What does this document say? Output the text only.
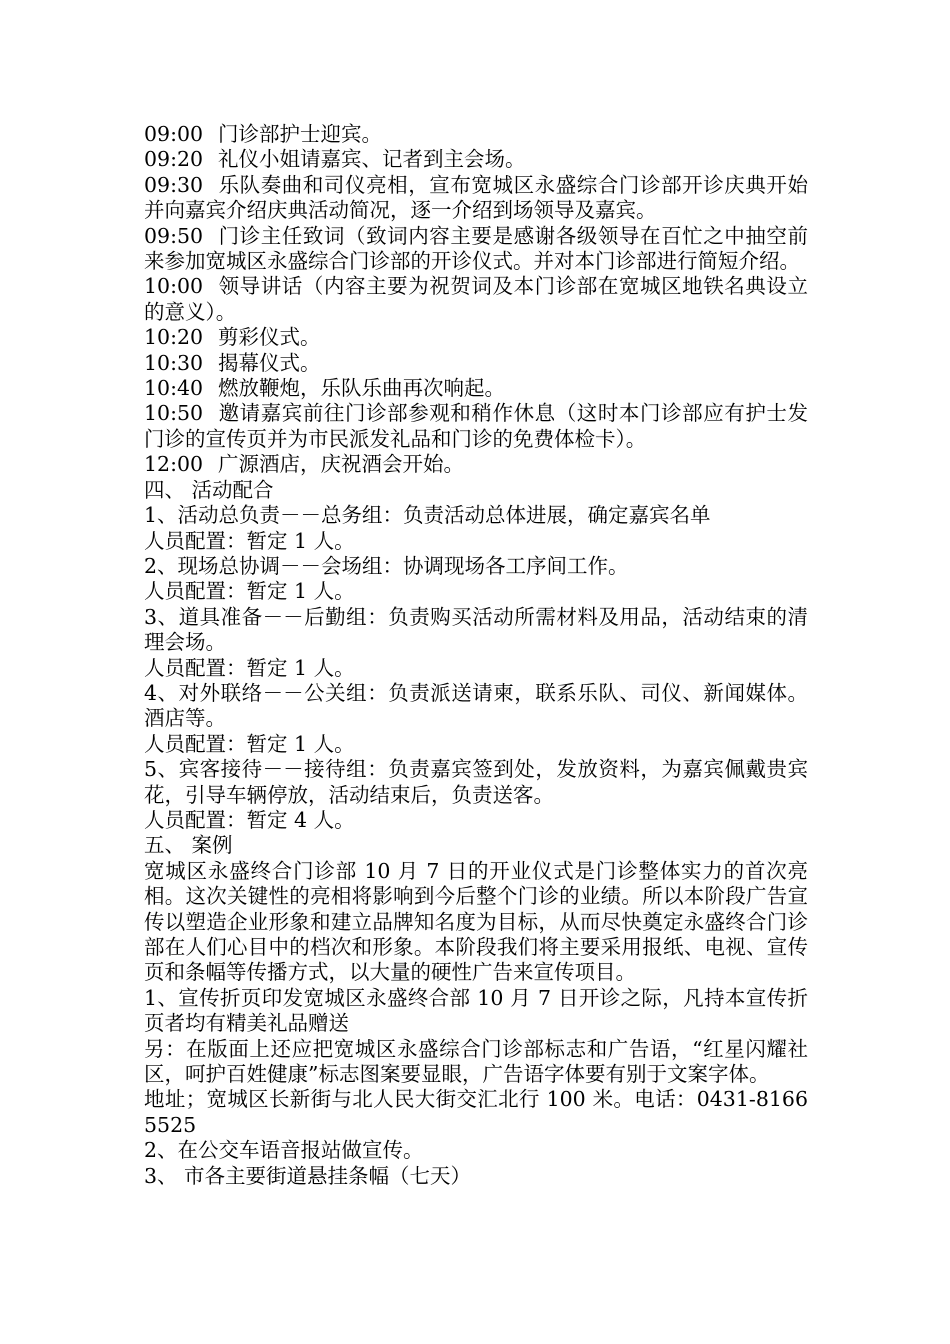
09:00 门诊部护士迎宾。

09:20 礼仪小姐请嘉宾、记者到主会场。

09:30 乐队奏曲和司仪亮相，宣布宽城区永盛综合门诊部开诊庆典开始并向嘉宾介绍庆典活动简况，逐一介绍到场领导及嘉宾。

09:50 门诊主任致词（致词内容主要是感谢各级领导在百忙之中抽空前来参加宽城区永盛综合门诊部的开诊仪式。并对本门诊部进行简短介绍。

10:00 领导讲话（内容主要为祝贺词及本门诊部在宽城区地铁名典设立的意义）。

10:20 剪彩仪式。

10:30 揭幕仪式。

10:40 燃放鞭炮，乐队乐曲再次响起。

10:50 邀请嘉宾前往门诊部参观和稍作休息（这时本门诊部应有护士发门诊的宣传页并为市民派发礼品和门诊的免费体检卡）。

12:00 广源酒店，庆祝酒会开始。

四、 活动配合

1、活动总负责－－总务组：负责活动总体进展，确定嘉宾名单

人员配置：暂定 1 人。

2、现场总协调－－会场组：协调现场各工序间工作。

人员配置：暂定 1 人。

3、道具准备－－后勤组：负责购买活动所需材料及用品，活动结束的清理会场。

人员配置：暂定 1 人。

4、对外联络－－公关组：负责派送请柬，联系乐队、司仪、新闻媒体。酒店等。

人员配置：暂定 1 人。

5、宾客接待－－接待组：负责嘉宾签到处，发放资料，为嘉宾佩戴贵宾花，引导车辆停放，活动结束后，负责送客。

人员配置：暂定 4 人。

五、 案例

宽城区永盛终合门诊部 10 月 7 日的开业仪式是门诊整体实力的首次亮相。这次关键性的亮相将影响到今后整个门诊的业绩。所以本阶段广告宣传以塑造企业形象和建立品牌知名度为目标，从而尽快奠定永盛终合门诊部在人们心目中的档次和形象。本阶段我们将主要采用报纸、电视、宣传页和条幅等传播方式，以大量的硬性广告来宣传项目。

1、宣传折页印发宽城区永盛终合部 10 月 7 日开诊之际，凡持本宣传折页者均有精美礼品赠送

另：在版面上还应把宽城区永盛综合门诊部标志和广告语，“红星闪耀社区，呵护百姓健康”标志图案要显眼，广告语字体要有别于文案字体。

地址；宽城区长新街与北人民大街交汇北行 100 米。电话：0431-81665525

2、在公交车语音报站做宣传。

3、 市各主要街道悬挂条幅（七天）
